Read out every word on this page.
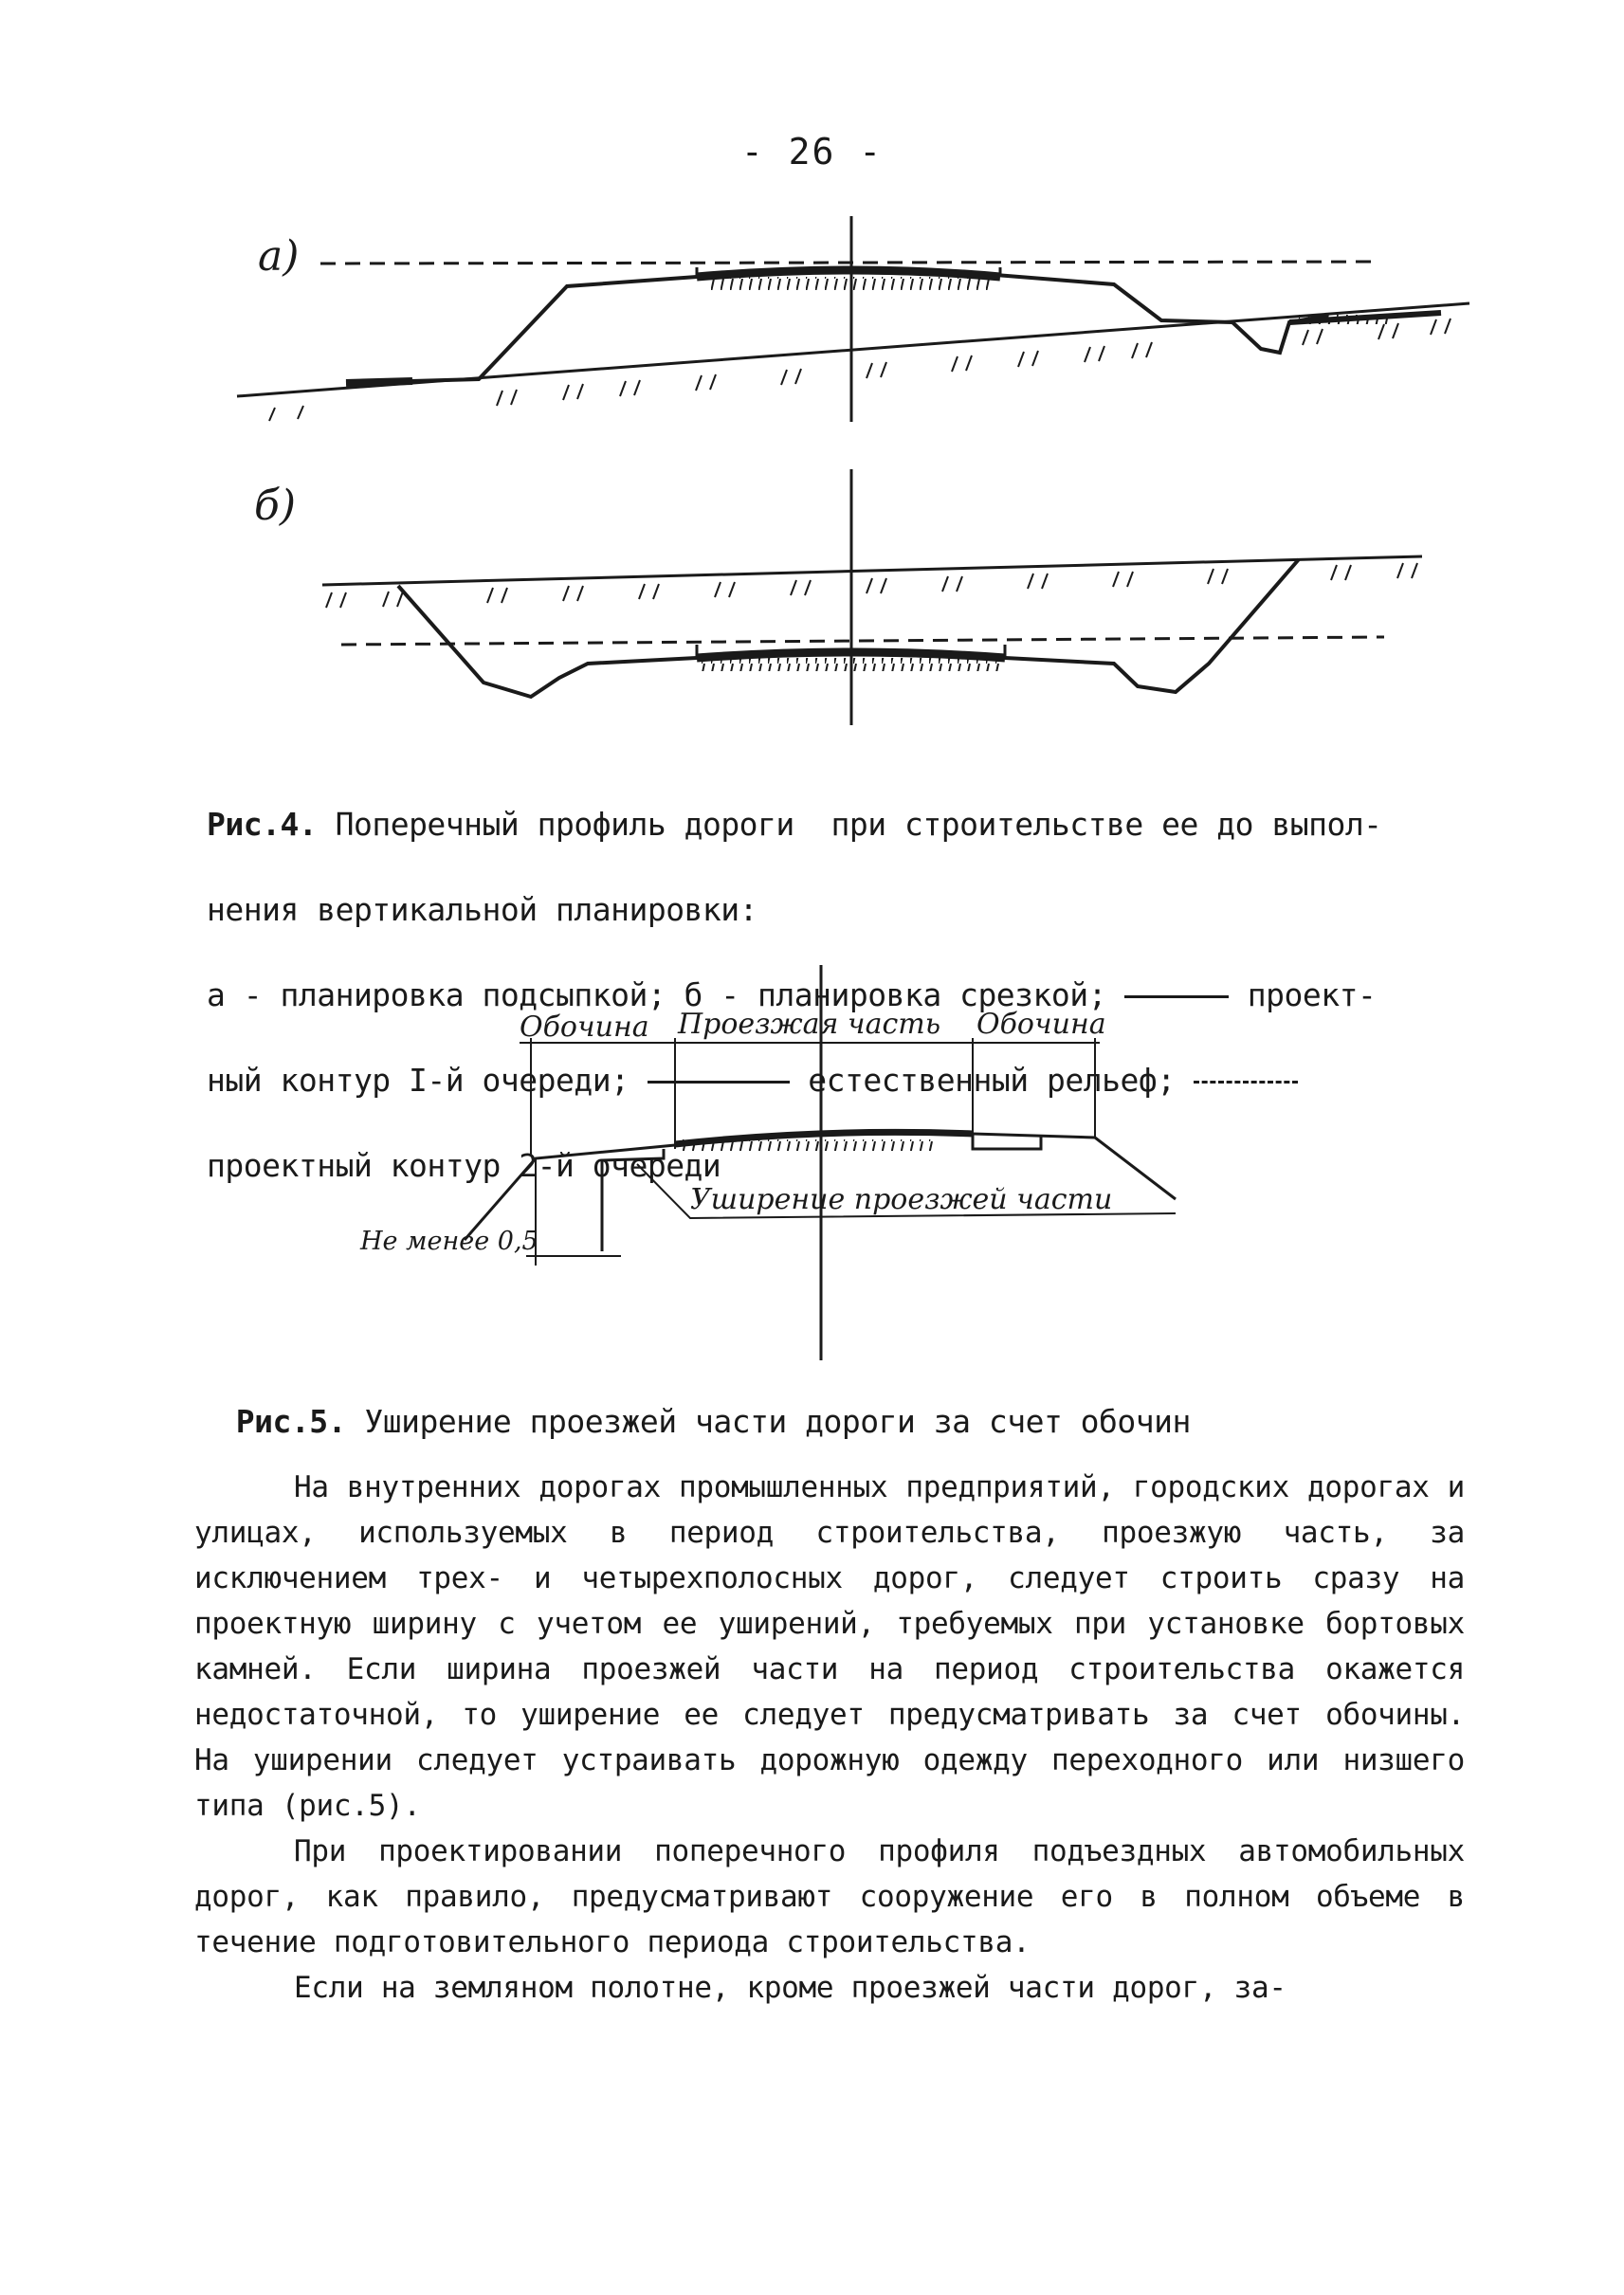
- 26 -
а)
б)
Обочина Проезжая часть Обочина
Уширение проезжей части
Не менее 0,5

Рис.4. Поперечный профиль дороги  при строительстве ее до выпол-

нения вертикальной планировки:

а - планировка подсыпкой; б - планировка срезкой;	проект-

ный контур I-й очереди;	естественный рельеф;

проектный контур 2-й очереди

Рис.5. Уширение проезжей части дороги за счет обочин

На внутренних дорогах промышленных предприятий, городских дорогах и улицах, используемых в период строительства, проезжую часть, за исключением трех- и четырехполосных дорог, следует строить сразу на проектную ширину с учетом ее уширений, требуемых при установке бортовых камней. Если ширина проезжей части на период строительства окажется недостаточной, то уширение ее следует предусматривать за счет обочины. На уширении следует устраивать дорожную одежду переходного или низшего типа (рис.5).

При проектировании поперечного профиля подъездных автомобильных дорог, как правило, предусматривают сооружение его в полном объеме в течение подготовительного периода строительства.

Если на земляном полотне, кроме проезжей части дорог, за-
